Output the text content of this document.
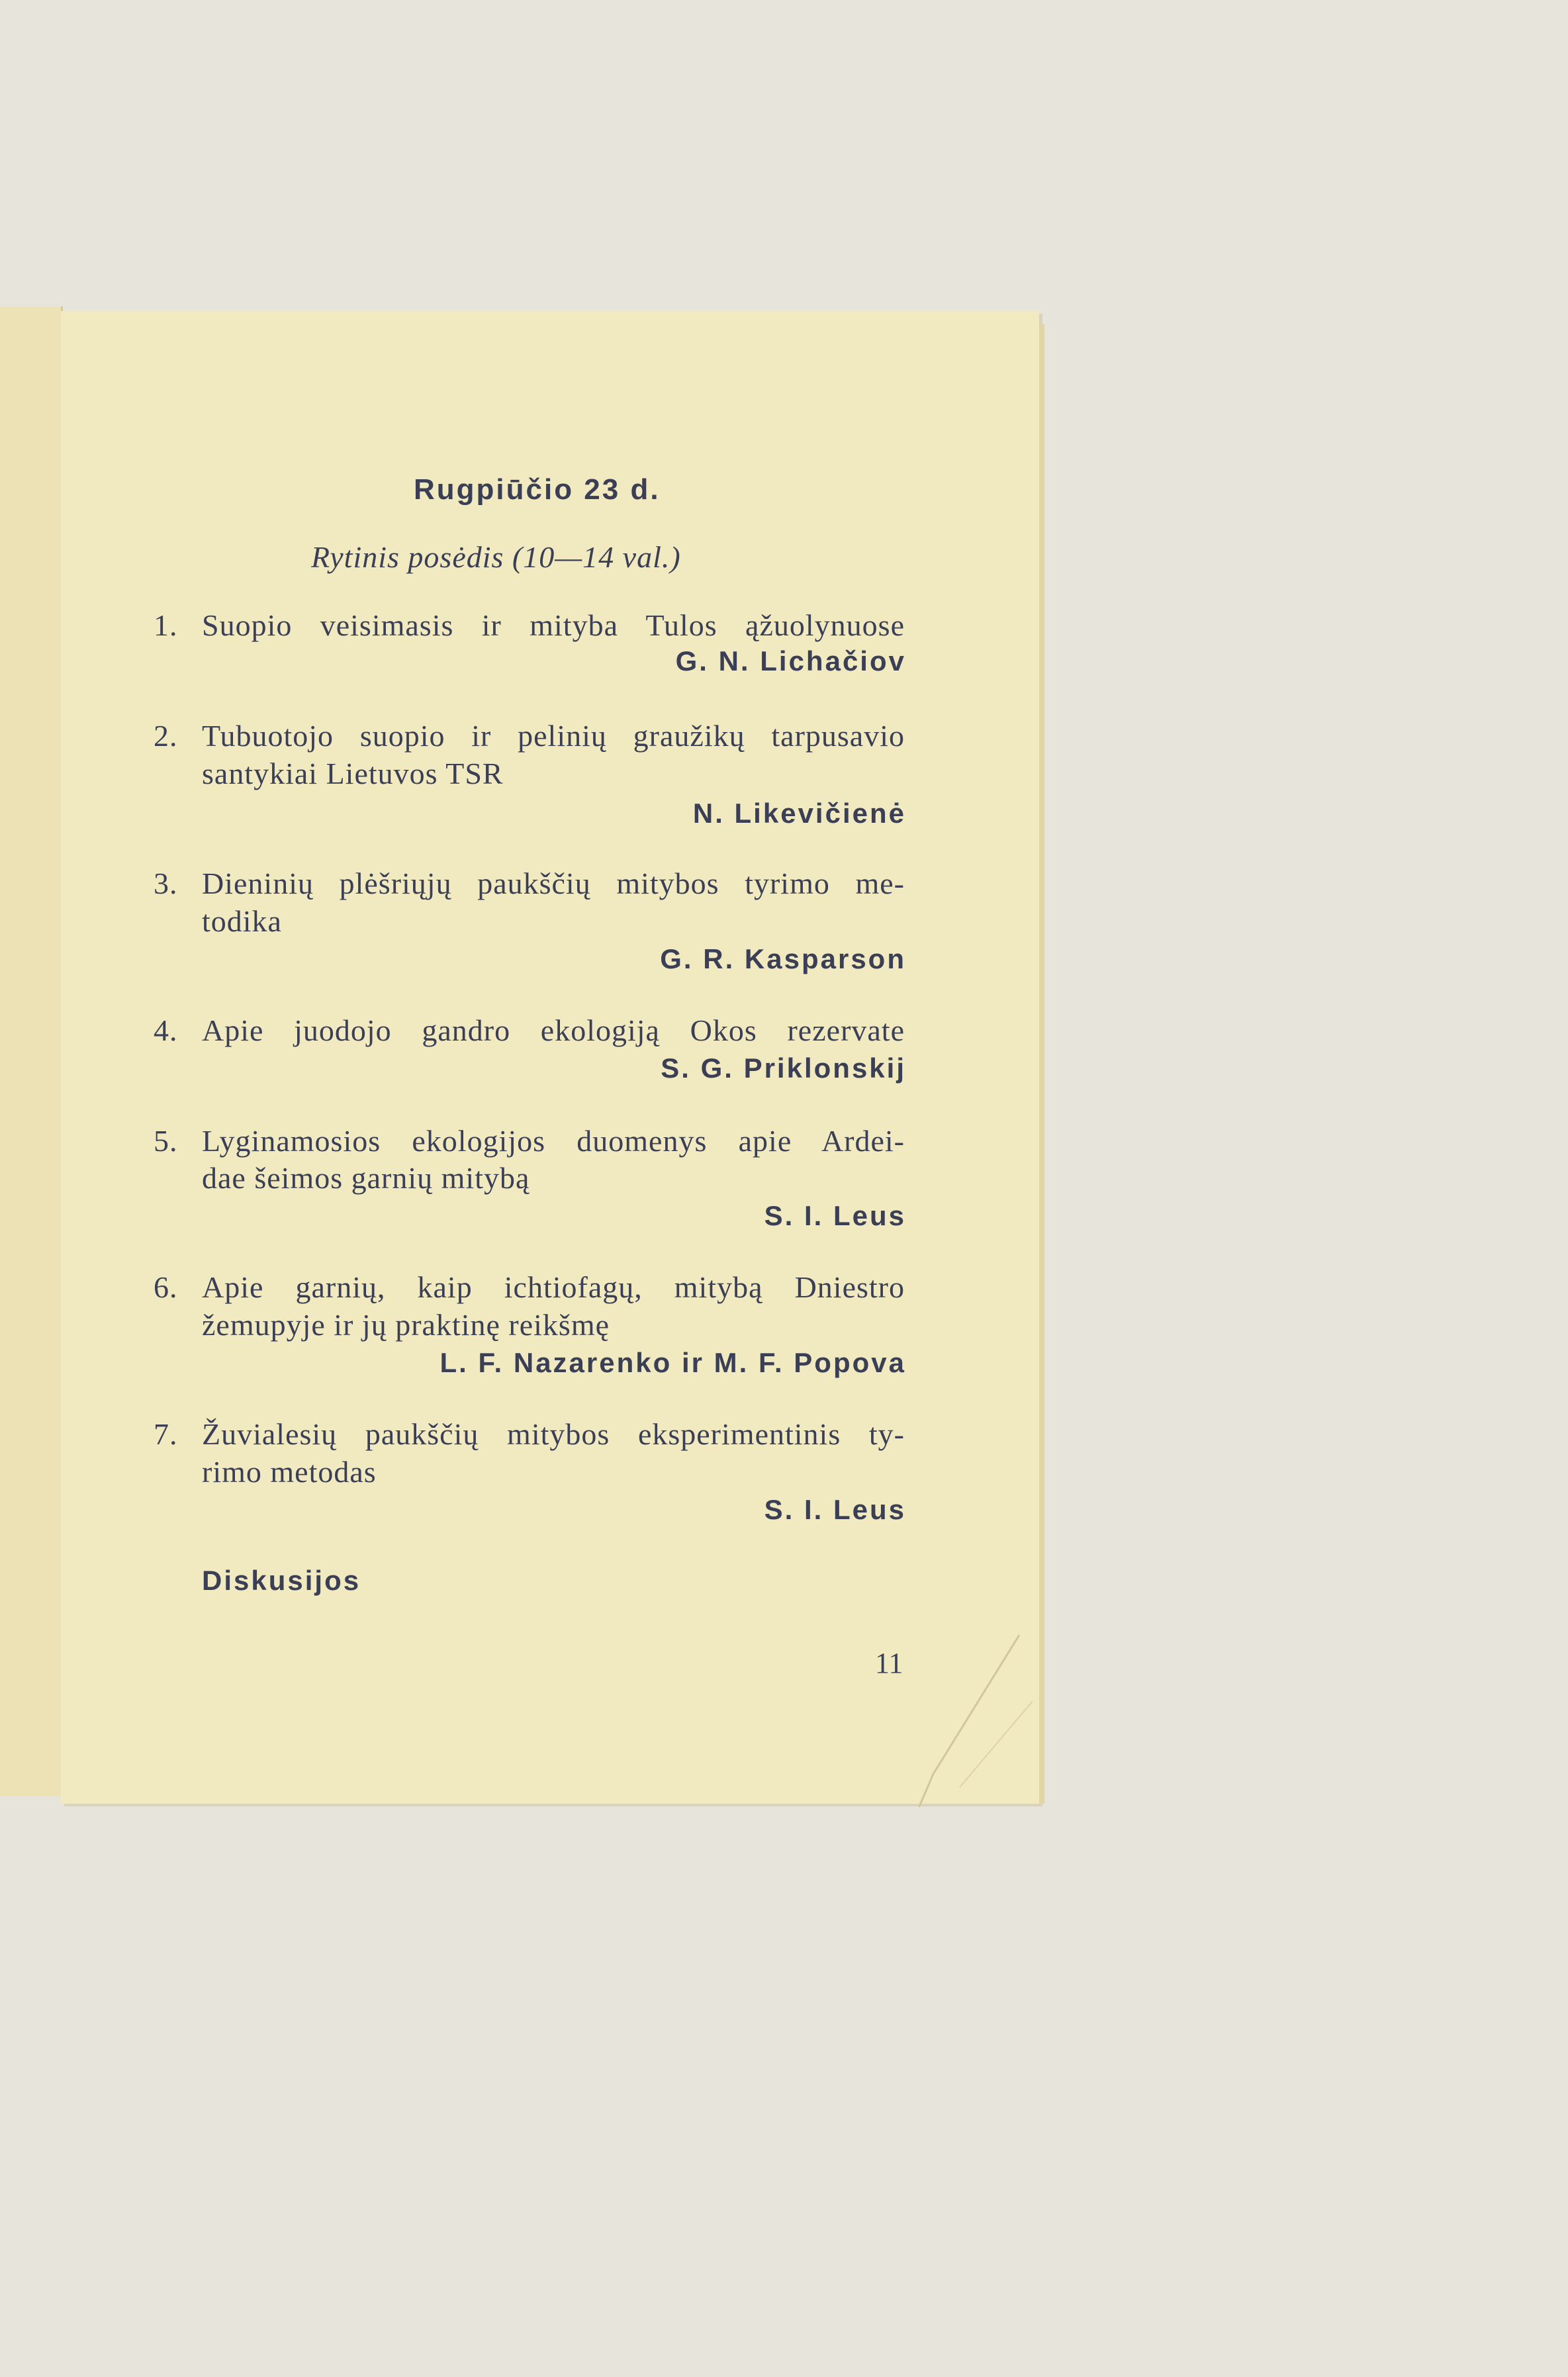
Rugpiūčio 23 d.
Rytinis posėdis (10—14 val.)
1. Suopio veisimasis ir mityba Tulos ąžuolynuose
G. N. Lichačiov
2. Tubuotojo suopio ir pelinių graužikų tarpusavio
santykiai Lietuvos TSR
N. Likevičienė
3. Dieninių plėšriųjų paukščių mitybos tyrimo me-
todika
G. R. Kasparson
4. Apie juodojo gandro ekologiją Okos rezervate
S. G. Priklonskij
5. Lyginamosios ekologijos duomenys apie Ardei-
dae šeimos garnių mitybą
S. I. Leus
6. Apie garnių, kaip ichtiofagų, mitybą Dniestro
žemupyje ir jų praktinę reikšmę
L. F. Nazarenko ir M. F. Popova
7. Žuvialesių paukščių mitybos eksperimentinis ty-
rimo metodas
S. I. Leus
Diskusijos
11
